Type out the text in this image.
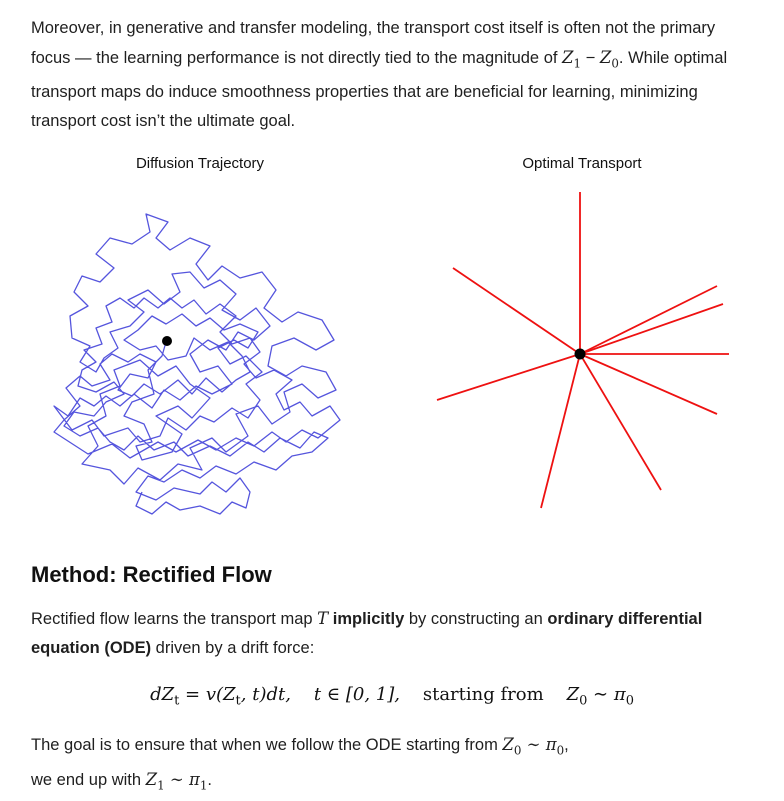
Moreover, in generative and transfer modeling, the transport cost itself is often not the primary focus — the learning performance is not directly tied to the magnitude of $Z_1 - Z_0$. While optimal transport maps do induce smoothness properties that are beneficial for learning, minimizing transport cost isn’t the ultimate goal.

Diffusion Trajectory	Optimal Transport
Method: Rectified Flow

Rectified flow learns the transport map T implicitly by constructing an ordinary differential equation (ODE) driven by a drift force:

$dZ_t = v(Z_t$, t)dt, t ∈ [0, 1], starting from $Z_0$ ∼ $\pi_0$

The goal is to ensure that when we follow the ODE starting from $Z_0$ ∼ $\pi_0$,
we end up with $Z_1$ ∼ $\pi_1$.
